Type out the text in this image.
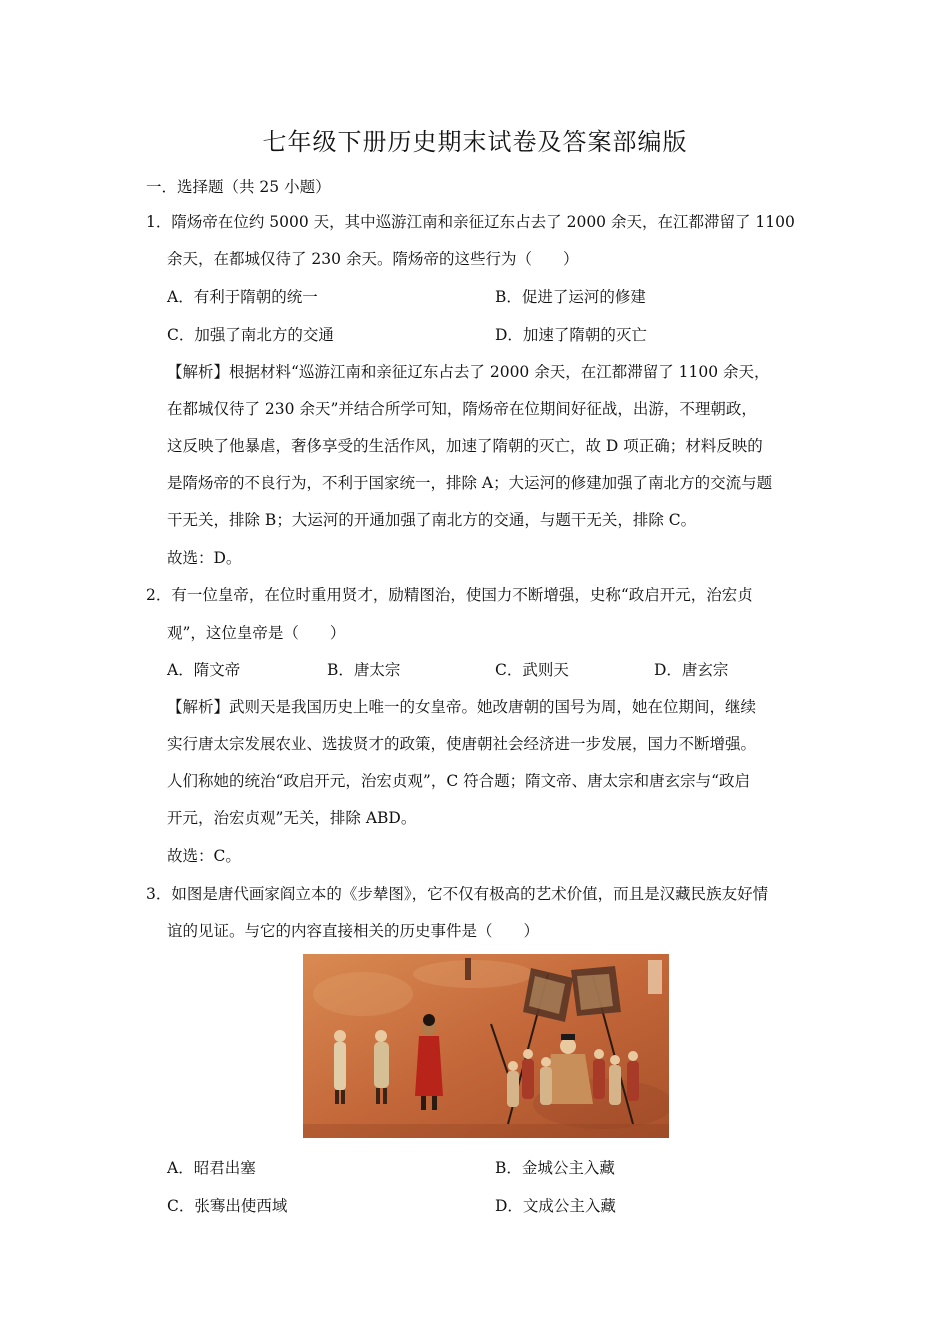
七年级下册历史期末试卷及答案部编版
一．选择题（共 25 小题）
1．隋炀帝在位约 5000 天，其中巡游江南和亲征辽东占去了 2000 余天，在江都滞留了 1100
余天，在都城仅待了 230 余天。隋炀帝的这些行为（　　）
A．有利于隋朝的统一	B．促进了运河的修建
C．加强了南北方的交通	D．加速了隋朝的灭亡
【解析】根据材料“巡游江南和亲征辽东占去了 2000 余天，在江都滞留了 1100 余天，
在都城仅待了 230 余天”并结合所学可知，隋炀帝在位期间好征战，出游，不理朝政，
这反映了他暴虐，奢侈享受的生活作风，加速了隋朝的灭亡，故 D 项正确；材料反映的
是隋炀帝的不良行为，不利于国家统一，排除 A；大运河的修建加强了南北方的交流与题
干无关，排除 B；大运河的开通加强了南北方的交通，与题干无关，排除 C。
故选：D。
2．有一位皇帝，在位时重用贤才，励精图治，使国力不断增强，史称“政启开元，治宏贞
观”，这位皇帝是（　　）
A．隋文帝	B．唐太宗	C．武则天	D．唐玄宗
【解析】武则天是我国历史上唯一的女皇帝。她改唐朝的国号为周，她在位期间，继续
实行唐太宗发展农业、选拔贤才的政策，使唐朝社会经济进一步发展，国力不断增强。
人们称她的统治“政启开元，治宏贞观”，C 符合题；隋文帝、唐太宗和唐玄宗与“政启
开元，治宏贞观”无关，排除 ABD。
故选：C。
3．如图是唐代画家阎立本的《步辇图》，它不仅有极高的艺术价值，而且是汉藏民族友好情
谊的见证。与它的内容直接相关的历史事件是（　　）
A．昭君出塞	B．金城公主入藏
C．张骞出使西域	D．文成公主入藏
